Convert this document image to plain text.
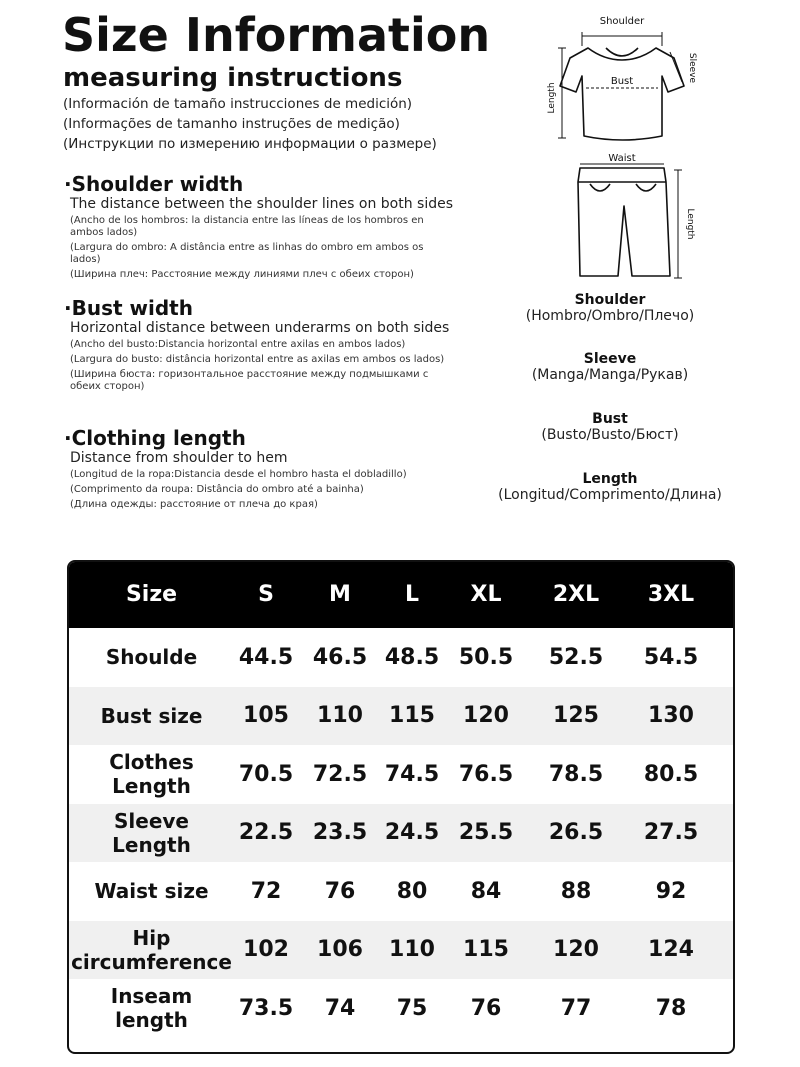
Size Information
measuring instructions
(Información de tamaño instrucciones de medición)
(Informações de tamanho instruções de medição)
(Инструкции по измерению информации о размере)
·Shoulder width
The distance between the shoulder lines on both sides
(Ancho de los hombros: la distancia entre las líneas de los hombros en ambos lados)
(Largura do ombro: A distância entre as linhas do ombro em ambos os lados)
(Ширина плеч: Расстояние между линиями плеч с обеих сторон)
·Bust width
Horizontal distance between underarms on both sides
(Ancho del busto:Distancia horizontal entre axilas en ambos lados)
(Largura do busto: distância horizontal entre as axilas em ambos os lados)
(Ширина бюста: горизонтальное расстояние между подмышками с обеих сторон)
·Clothing length
Distance from shoulder to hem
(Longitud de la ropa:Distancia desde el hombro hasta el dobladillo)
(Comprimento da roupa: Distância do ombro até a bainha)
(Длина одежды: расстояние от плеча до края)
Shoulder
Bust
Length
Sleeve
Waist
Length
Shoulder
(Hombro/Ombro/Плечо)
Sleeve
(Manga/Manga/Рукав)
Bust
(Busto/Busto/Бюст)
Length
(Longitud/Comprimento/Длина)
Size	S	M	L	XL	2XL	3XL
Shoulde	44.5 46.5 48.5 50.5	52.5	54.5
Bust size	105	110	115	120	125	130
Clothes Length	70.5 72.5 74.5 76.5	78.5	80.5
Sleeve Length	22.5 23.5 24.5 25.5	26.5	27.5
Waist size	72	76	80	84	88	92
Hip circumference 102	106	110	115	120	124
Inseam length	73.5	74	75	76	77	78
